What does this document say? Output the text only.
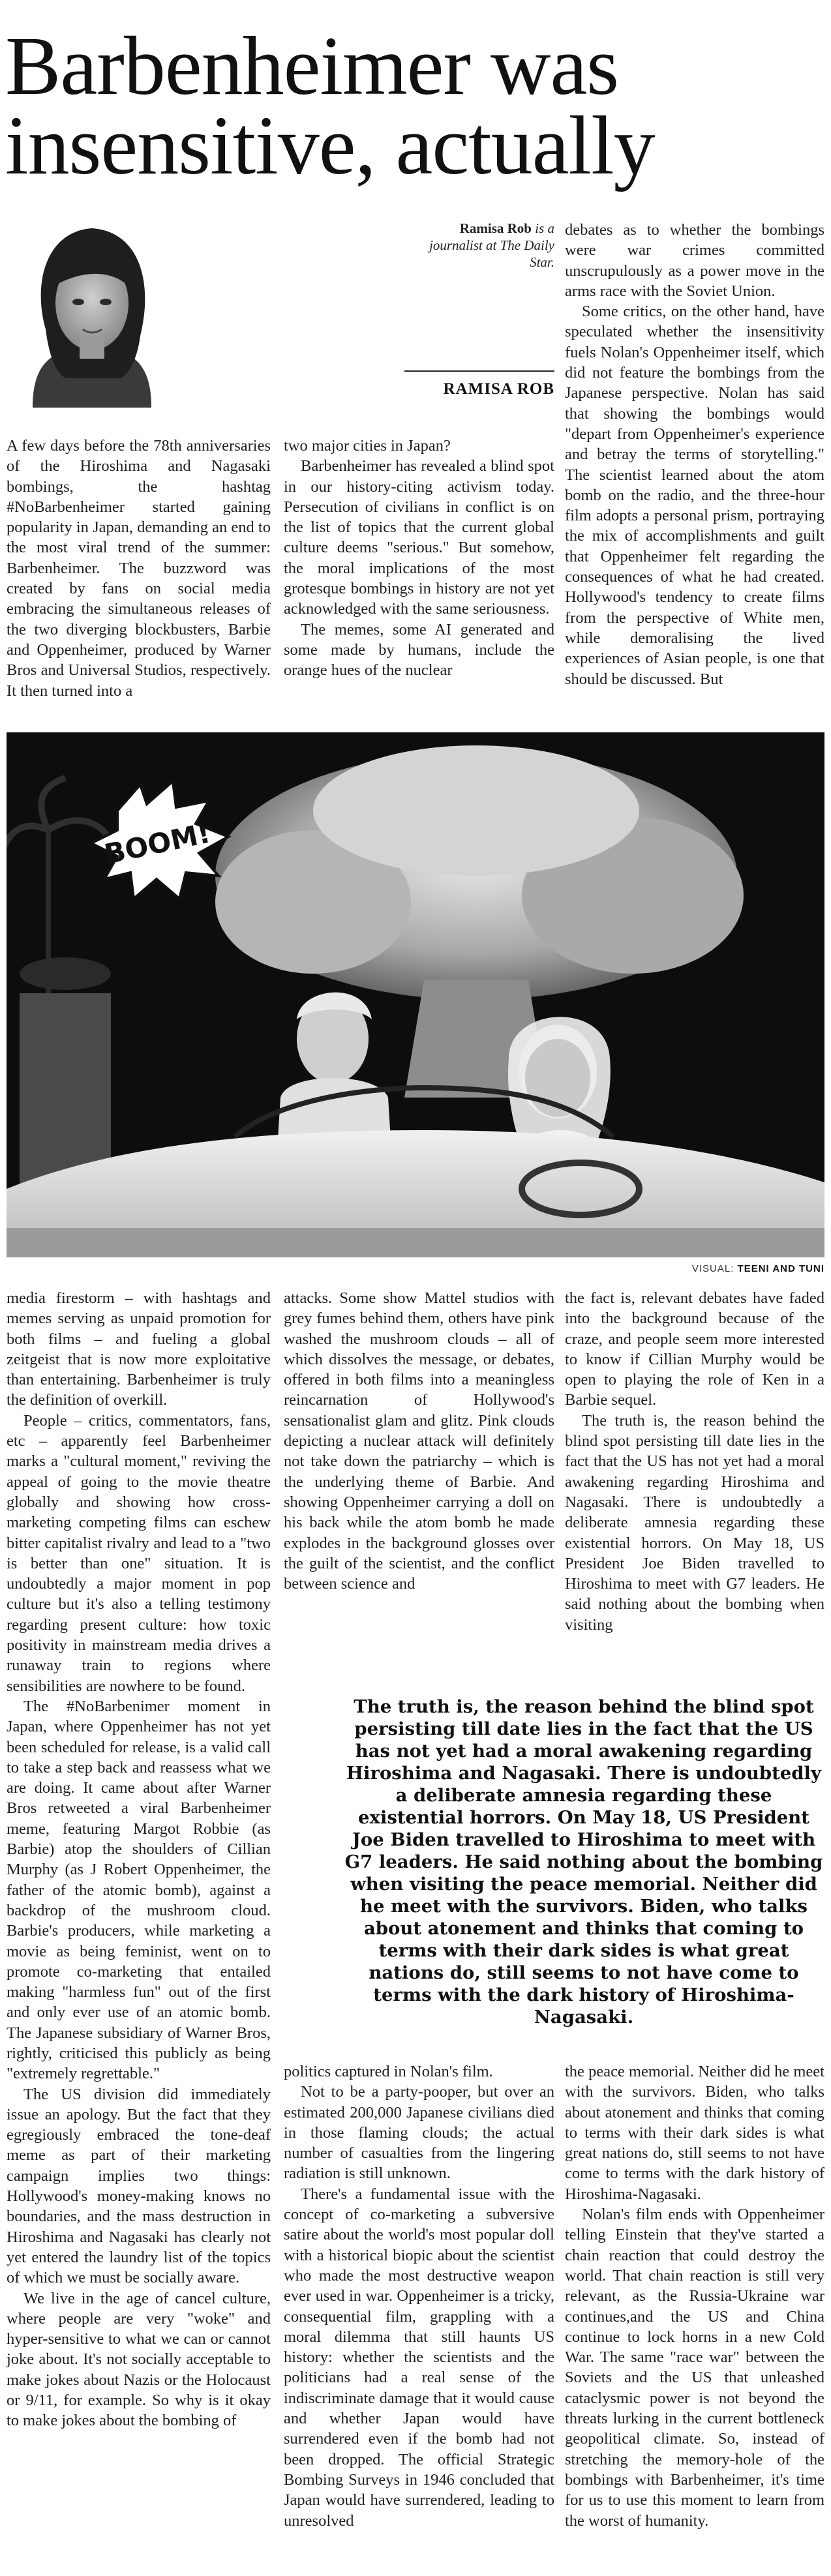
Barbenheimer was
insensitive, actually
Ramisa Rob is a journalist at The Daily Star.
RAMISA ROB

A few days before the 78th anniversaries of the Hiroshima and Nagasaki bombings, the hashtag #NoBarbenheimer started gaining popularity in Japan, demanding an end to the most viral trend of the summer: Barbenheimer. The buzzword was created by fans on social media embracing the simultaneous releases of the two diverging blockbusters, Barbie and Oppenheimer, produced by Warner Bros and Universal Studios, respectively. It then turned into a

two major cities in Japan?

Barbenheimer has revealed a blind spot in our history-citing activism today. Persecution of civilians in conflict is on the list of topics that the current global culture deems "serious." But somehow, the moral implications of the most grotesque bombings in history are not yet acknowledged with the same seriousness.

The memes, some AI generated and some made by humans, include the orange hues of the nuclear

debates as to whether the bombings were war crimes committed unscrupulously as a power move in the arms race with the Soviet Union.

Some critics, on the other hand, have speculated whether the insensitivity fuels Nolan's Oppenheimer itself, which did not feature the bombings from the Japanese perspective. Nolan has said that showing the bombings would "depart from Oppenheimer's experience and betray the terms of storytelling." The scientist learned about the atom bomb on the radio, and the three-hour film adopts a personal prism, portraying the mix of accomplishments and guilt that Oppenheimer felt regarding the consequences of what he had created. Hollywood's tendency to create films from the perspective of White men, while demoralising the lived experiences of Asian people, is one that should be discussed. But

BOOM!
VISUAL: TEENI AND TUNI

media firestorm – with hashtags and memes serving as unpaid promotion for both films – and fueling a global zeitgeist that is now more exploitative than entertaining. Barbenheimer is truly the definition of overkill.

People – critics, commentators, fans, etc – apparently feel Barbenheimer marks a "cultural moment," reviving the appeal of going to the movie theatre globally and showing how cross-marketing competing films can eschew bitter capitalist rivalry and lead to a "two is better than one" situation. It is undoubtedly a major moment in pop culture but it's also a telling testimony regarding present culture: how toxic positivity in mainstream media drives a runaway train to regions where sensibilities are nowhere to be found.

The #NoBarbenimer moment in Japan, where Oppenheimer has not yet been scheduled for release, is a valid call to take a step back and reassess what we are doing. It came about after Warner Bros retweeted a viral Barbenheimer meme, featuring Margot Robbie (as Barbie) atop the shoulders of Cillian Murphy (as J Robert Oppenheimer, the father of the atomic bomb), against a backdrop of the mushroom cloud. Barbie's producers, while marketing a movie as being feminist, went on to promote co-marketing that entailed making "harmless fun" out of the first and only ever use of an atomic bomb. The Japanese subsidiary of Warner Bros, rightly, criticised this publicly as being "extremely regrettable."

The US division did immediately issue an apology. But the fact that they egregiously embraced the tone-deaf meme as part of their marketing campaign implies two things: Hollywood's money-making knows no boundaries, and the mass destruction in Hiroshima and Nagasaki has clearly not yet entered the laundry list of the topics of which we must be socially aware.

We live in the age of cancel culture, where people are very "woke" and hyper-sensitive to what we can or cannot joke about. It's not socially acceptable to make jokes about Nazis or the Holocaust or 9/11, for example. So why is it okay to make jokes about the bombing of

attacks. Some show Mattel studios with grey fumes behind them, others have pink washed the mushroom clouds – all of which dissolves the message, or debates, offered in both films into a meaningless reincarnation of Hollywood's sensationalist glam and glitz. Pink clouds depicting a nuclear attack will definitely not take down the patriarchy – which is the underlying theme of Barbie. And showing Oppenheimer carrying a doll on his back while the atom bomb he made explodes in the background glosses over the guilt of the scientist, and the conflict between science and

the fact is, relevant debates have faded into the background because of the craze, and people seem more interested to know if Cillian Murphy would be open to playing the role of Ken in a Barbie sequel.

The truth is, the reason behind the blind spot persisting till date lies in the fact that the US has not yet had a moral awakening regarding Hiroshima and Nagasaki. There is undoubtedly a deliberate amnesia regarding these existential horrors. On May 18, US President Joe Biden travelled to Hiroshima to meet with G7 leaders. He said nothing about the bombing when visiting

The truth is, the reason behind the blind spot persisting till date lies in the fact that the US has not yet had a moral awakening regarding Hiroshima and Nagasaki. There is undoubtedly a deliberate amnesia regarding these existential horrors. On May 18, US President Joe Biden travelled to Hiroshima to meet with G7 leaders. He said nothing about the bombing when visiting the peace memorial. Neither did he meet with the survivors. Biden, who talks about atonement and thinks that coming to terms with their dark sides is what great nations do, still seems to not have come to terms with the dark history of Hiroshima-Nagasaki.

politics captured in Nolan's film.

Not to be a party-pooper, but over an estimated 200,000 Japanese civilians died in those flaming clouds; the actual number of casualties from the lingering radiation is still unknown.

There's a fundamental issue with the concept of co-marketing a subversive satire about the world's most popular doll with a historical biopic about the scientist who made the most destructive weapon ever used in war. Oppenheimer is a tricky, consequential film, grappling with a moral dilemma that still haunts US history: whether the scientists and the politicians had a real sense of the indiscriminate damage that it would cause and whether Japan would have surrendered even if the bomb had not been dropped. The official Strategic Bombing Surveys in 1946 concluded that Japan would have surrendered, leading to unresolved

the peace memorial. Neither did he meet with the survivors. Biden, who talks about atonement and thinks that coming to terms with their dark sides is what great nations do, still seems to not have come to terms with the dark history of Hiroshima-Nagasaki.

Nolan's film ends with Oppenheimer telling Einstein that they've started a chain reaction that could destroy the world. That chain reaction is still very relevant, as the Russia-Ukraine war continues,and the US and China continue to lock horns in a new Cold War. The same "race war" between the Soviets and the US that unleashed cataclysmic power is not beyond the threats lurking in the current bottleneck geopolitical climate. So, instead of stretching the memory-hole of the bombings with Barbenheimer, it's time for us to use this moment to learn from the worst of humanity.
